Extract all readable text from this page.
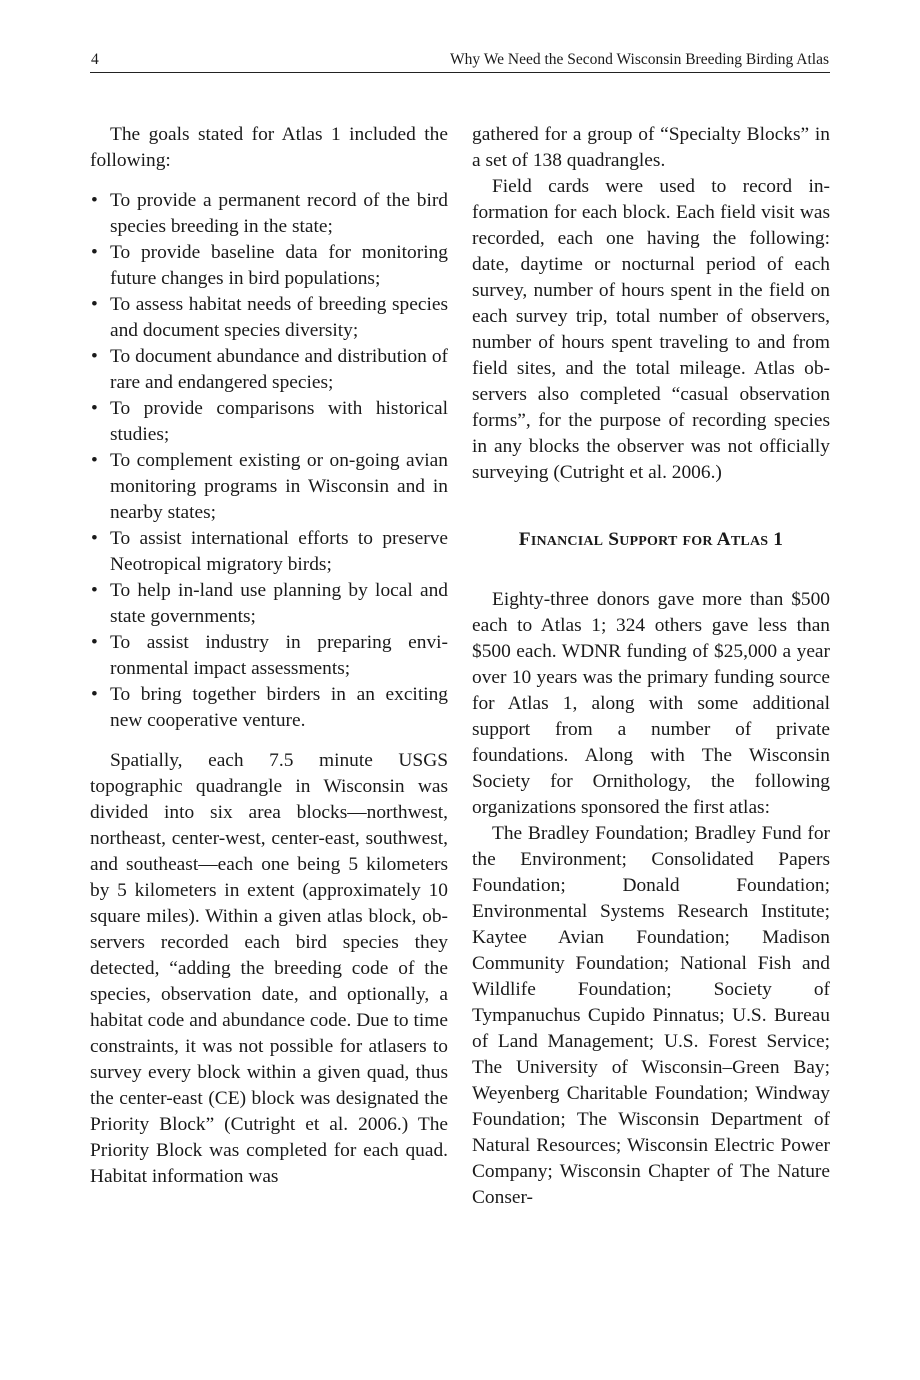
4	Why We Need the Second Wisconsin Breeding Birding Atlas

The goals stated for Atlas 1 included the following:

• To provide a permanent record of the bird species breeding in the state;
• To provide baseline data for monitoring future changes in bird populations;
• To assess habitat needs of breeding species and document species diversity;
• To document abundance and distribution of rare and endangered species;
• To provide comparisons with historical studies;
• To complement existing or on-going avian monitoring programs in Wisconsin and in nearby states;
• To assist international efforts to preserve Neotropical migratory birds;
• To help in-land use planning by local and state governments;
• To assist industry in preparing environmental impact assessments;
• To bring together birders in an exciting new cooperative venture.

Spatially, each 7.5 minute USGS topographic quadrangle in Wisconsin was divided into six area blocks—northwest, northeast, center-west, center-east, southwest, and southeast—each one being 5 kilometers by 5 kilometers in extent (approximately 10 square miles). Within a given atlas block, observers recorded each bird species they detected, “adding the breeding code of the species, observation date, and optionally, a habitat code and abundance code. Due to time constraints, it was not possible for atlasers to survey every block within a given quad, thus the center-east (CE) block was designated the Priority Block” (Cutright et al. 2006.) The Priority Block was completed for each quad. Habitat information was

gathered for a group of “Specialty Blocks” in a set of 138 quadrangles.

Field cards were used to record information for each block. Each field visit was recorded, each one having the following: date, daytime or nocturnal period of each survey, number of hours spent in the field on each survey trip, total number of observers, number of hours spent traveling to and from field sites, and the total mileage. Atlas observers also completed “casual observation forms”, for the purpose of recording species in any blocks the observer was not officially surveying (Cutright et al. 2006.)

Financial Support for Atlas 1

Eighty-three donors gave more than $500 each to Atlas 1; 324 others gave less than $500 each. WDNR funding of $25,000 a year over 10 years was the primary funding source for Atlas 1, along with some additional support from a number of private foundations. Along with The Wisconsin Society for Ornithology, the following organizations sponsored the first atlas:

The Bradley Foundation; Bradley Fund for the Environment; Consolidated Papers Foundation; Donald Foundation; Environmental Systems Research Institute; Kaytee Avian Foundation; Madison Community Foundation; National Fish and Wildlife Foundation; Society of Tympanuchus Cupido Pinnatus; U.S. Bureau of Land Management; U.S. Forest Service; The University of Wisconsin–Green Bay; Weyenberg Charitable Foundation; Windway Foundation; The Wisconsin Department of Natural Resources; Wisconsin Electric Power Company; Wisconsin Chapter of The Nature Conser-
